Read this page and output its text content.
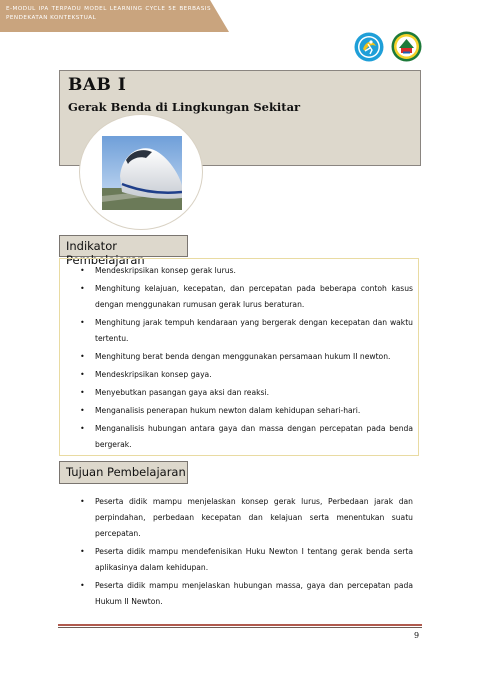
E-MODUL IPA TERPADU MODEL LEARNING CYCLE 5E BERBASIS PENDEKATAN KONTEKSTUAL
BAB I
Gerak Benda di Lingkungan Sekitar
Indikator Pembelajaran
• Mendeskripsikan konsep gerak lurus.
• Menghitung kelajuan, kecepatan, dan percepatan pada beberapa contoh kasus dengan menggunakan rumusan gerak lurus beraturan.
• Menghitung jarak tempuh kendaraan yang bergerak dengan kecepatan dan waktu tertentu.
• Menghitung berat benda dengan menggunakan persamaan hukum II newton.
• Mendeskripsikan konsep gaya.
• Menyebutkan pasangan gaya aksi dan reaksi.
• Menganalisis penerapan hukum newton dalam kehidupan sehari-hari.
• Menganalisis hubungan antara gaya dan massa dengan percepatan pada benda bergerak.
Tujuan Pembelajaran
• Peserta didik mampu menjelaskan konsep gerak lurus, Perbedaan jarak dan perpindahan, perbedaan kecepatan dan kelajuan serta menentukan suatu percepatan.
• Peserta didik mampu mendefenisikan Huku Newton I tentang gerak benda serta aplikasinya dalam kehidupan.
• Peserta didik mampu menjelaskan hubungan massa, gaya dan percepatan pada Hukum II Newton.
9
